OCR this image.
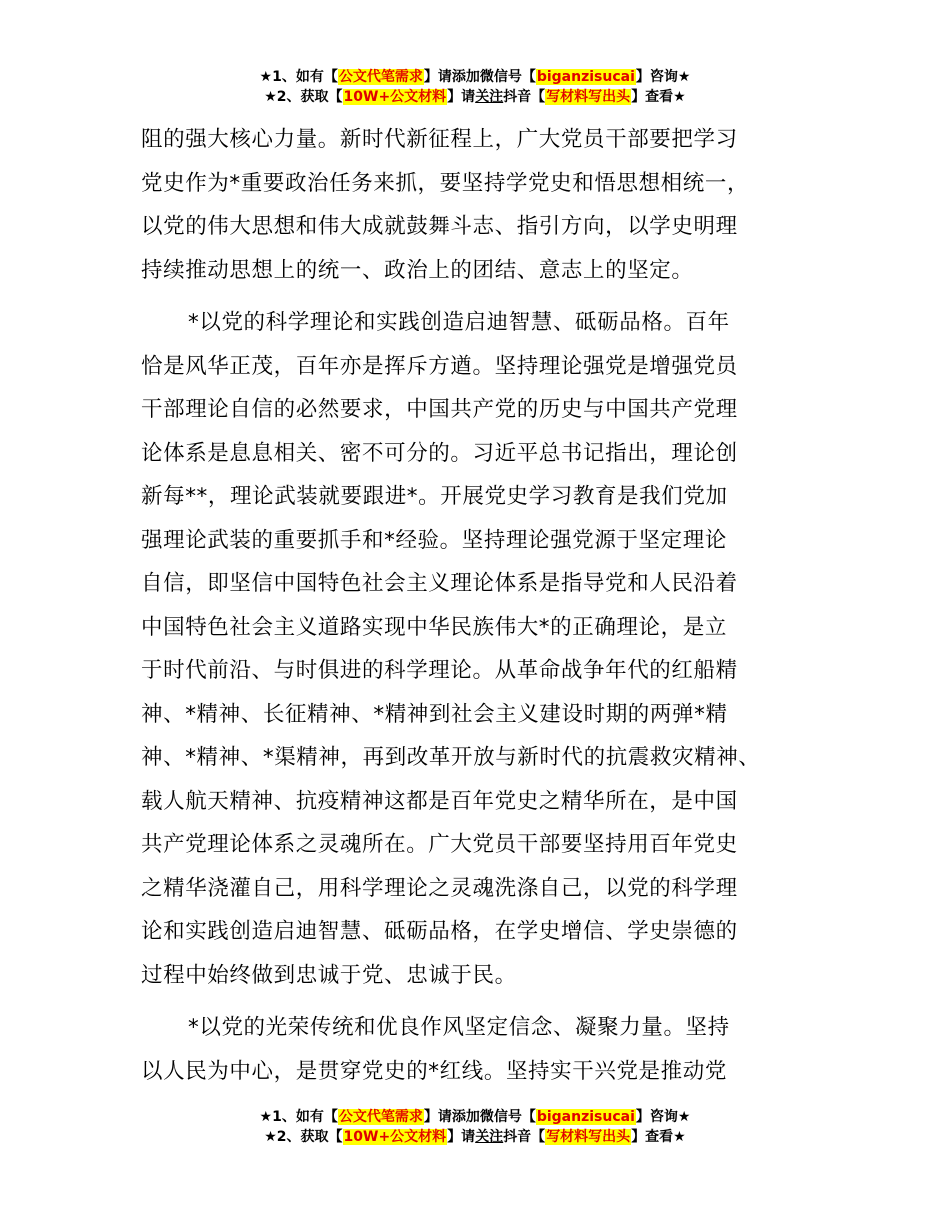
★1、如有【公文代笔需求】请添加微信号【biganzisucai】咨询★
★2、获取【10W+公文材料】请关注抖音【写材料写出头】查看★
阻的强大核心力量。新时代新征程上，广大党员干部要把学习
党史作为*重要政治任务来抓，要坚持学党史和悟思想相统一，
以党的伟大思想和伟大成就鼓舞斗志、指引方向，以学史明理
持续推动思想上的统一、政治上的团结、意志上的坚定。
*以党的科学理论和实践创造启迪智慧、砥砺品格。百年
恰是风华正茂，百年亦是挥斥方遒。坚持理论强党是增强党员
干部理论自信的必然要求，中国共产党的历史与中国共产党理
论体系是息息相关、密不可分的。习近平总书记指出，理论创
新每**，理论武装就要跟进*。开展党史学习教育是我们党加
强理论武装的重要抓手和*经验。坚持理论强党源于坚定理论
自信，即坚信中国特色社会主义理论体系是指导党和人民沿着
中国特色社会主义道路实现中华民族伟大*的正确理论，是立
于时代前沿、与时俱进的科学理论。从革命战争年代的红船精
神、*精神、长征精神、*精神到社会主义建设时期的两弹*精
神、*精神、*渠精神，再到改革开放与新时代的抗震救灾精神、
载人航天精神、抗疫精神这都是百年党史之精华所在，是中国
共产党理论体系之灵魂所在。广大党员干部要坚持用百年党史
之精华浇灌自己，用科学理论之灵魂洗涤自己，以党的科学理
论和实践创造启迪智慧、砥砺品格，在学史增信、学史崇德的
过程中始终做到忠诚于党、忠诚于民。
*以党的光荣传统和优良作风坚定信念、凝聚力量。坚持
以人民为中心，是贯穿党史的*红线。坚持实干兴党是推动党
★1、如有【公文代笔需求】请添加微信号【biganzisucai】咨询★
★2、获取【10W+公文材料】请关注抖音【写材料写出头】查看★
